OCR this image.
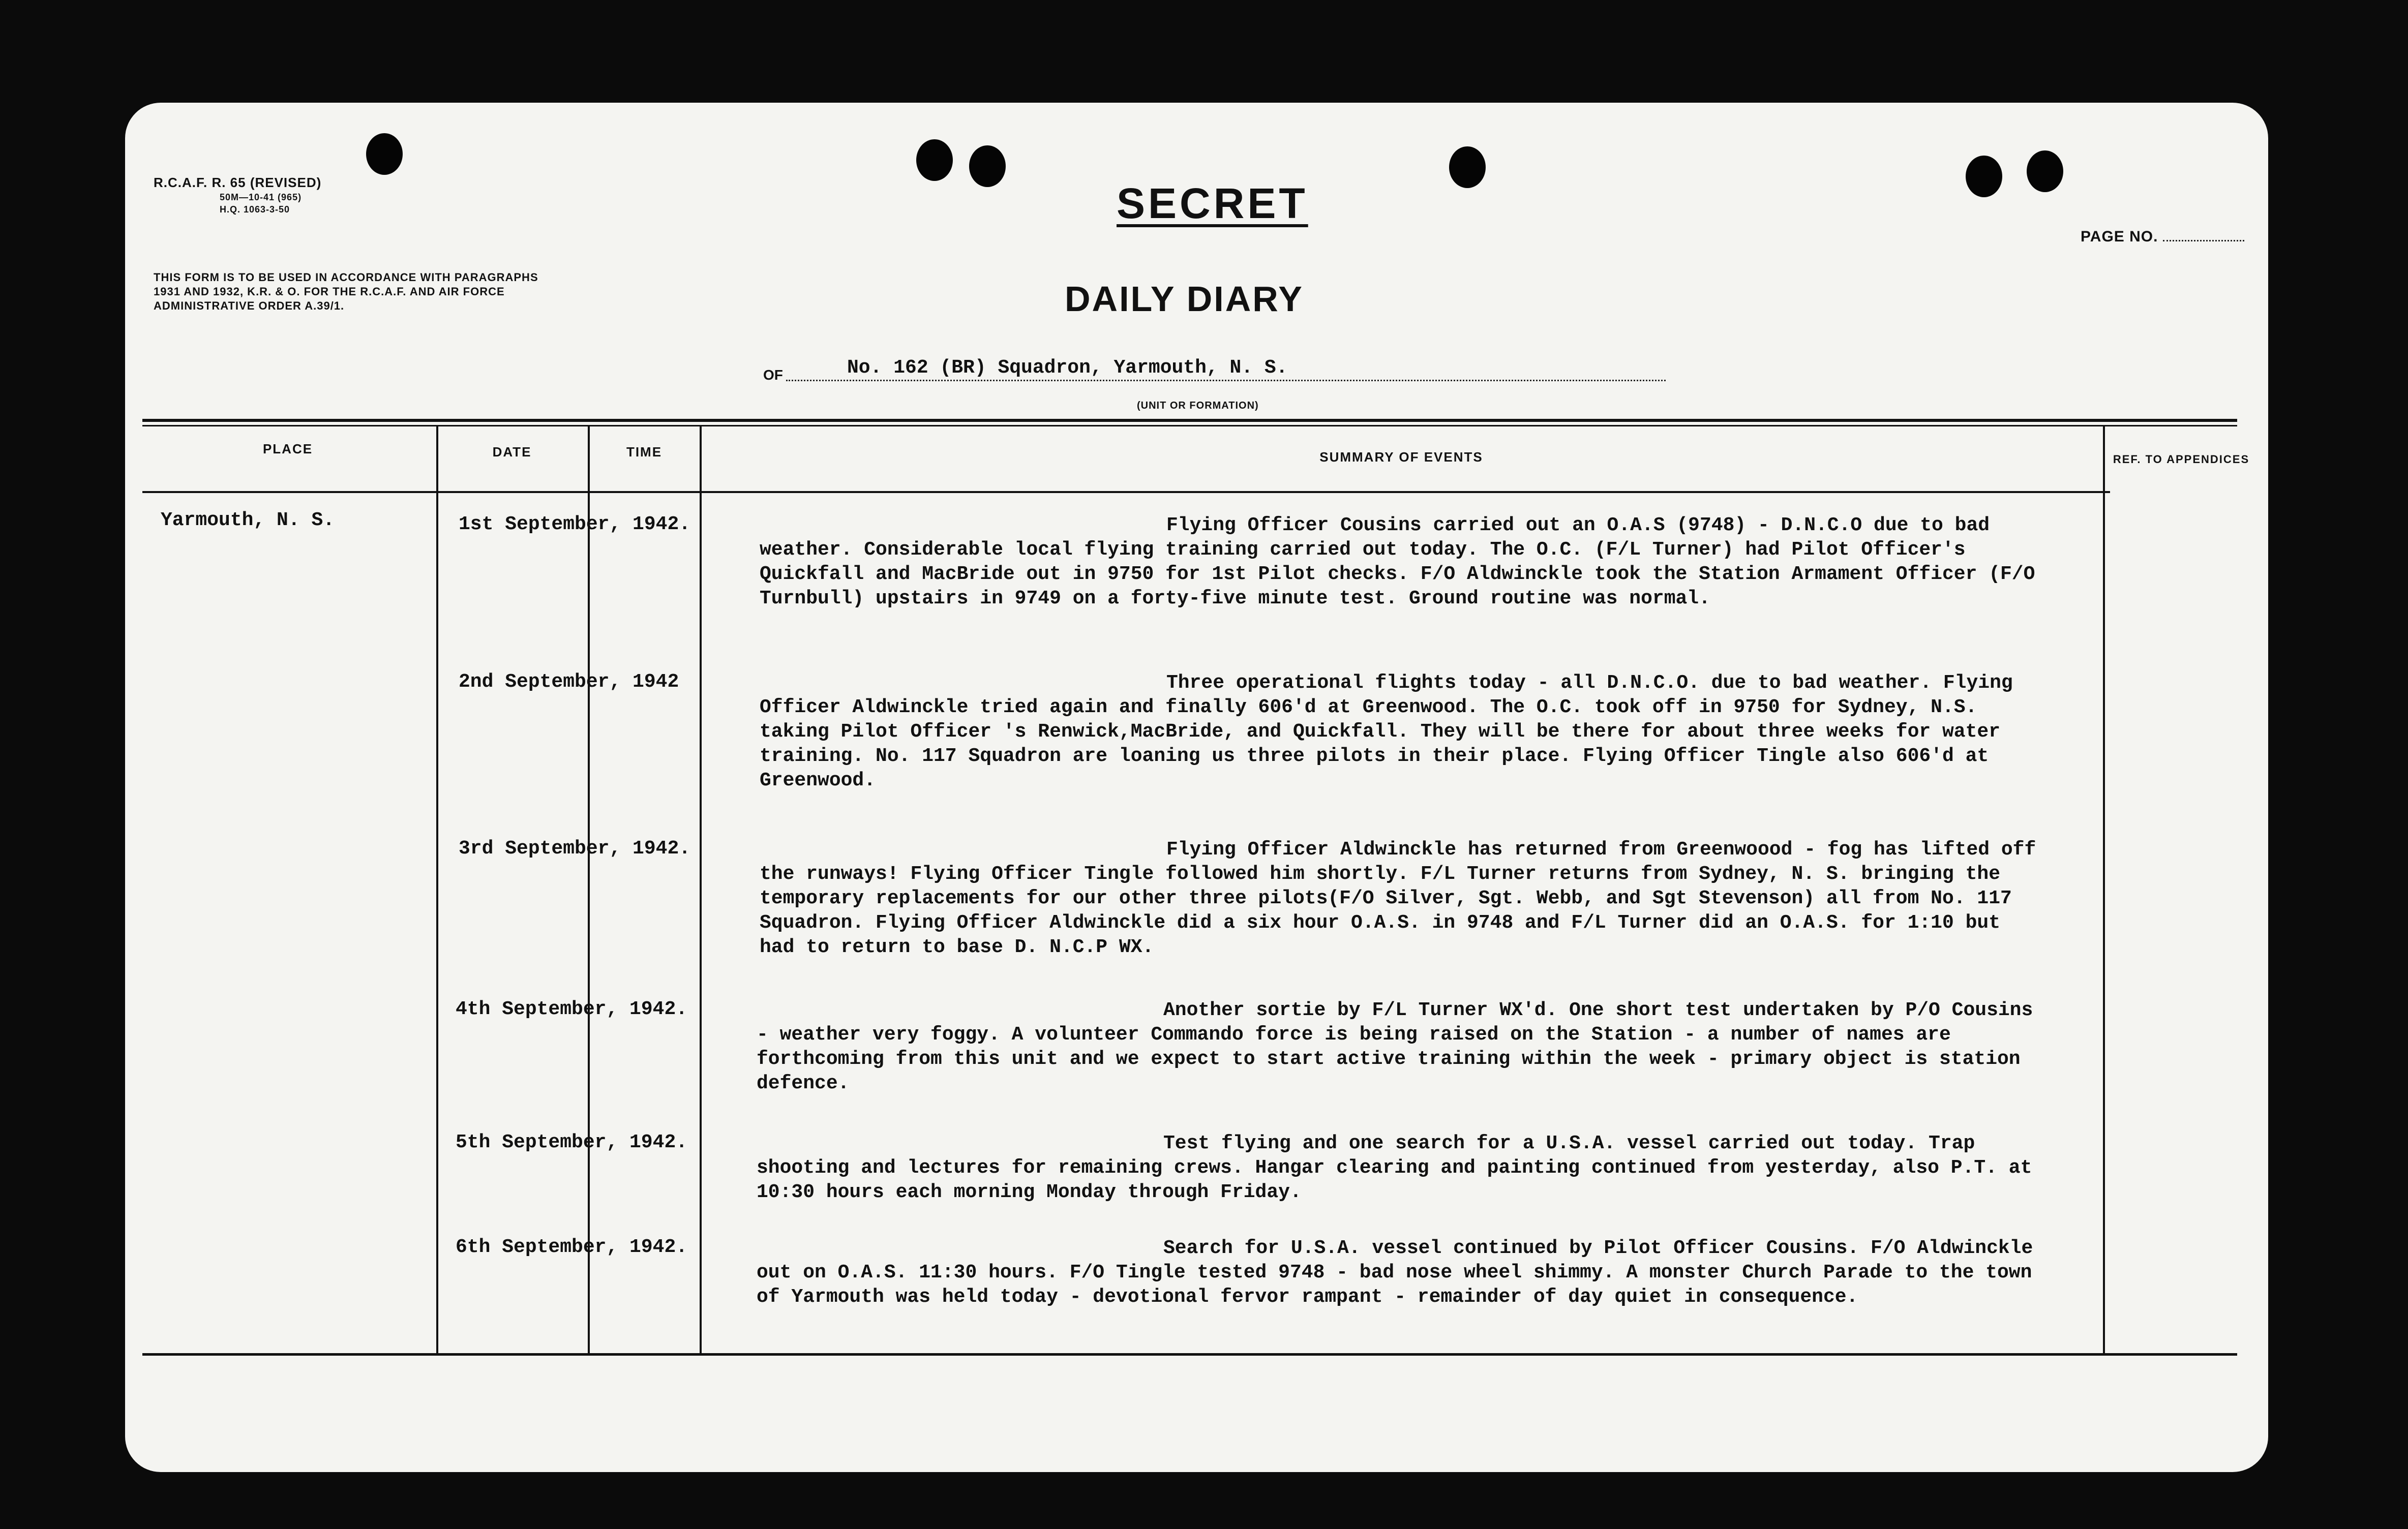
R.C.A.F. R. 65 (REVISED)
50M—10-41 (965)
H.Q. 1063-3-50	SECRET
PAGE NO.
THIS FORM IS TO BE USED IN ACCORDANCE WITH PARAGRAPHS 1931 AND 1932, K.R. & O. FOR THE R.C.A.F. AND AIR FORCE ADMINISTRATIVE ORDER A.39/1.	DAILY DIARY
OF	No. 162 (BR) Squadron, Yarmouth, N. S.
(UNIT OR FORMATION)
PLACE	DATE	TIME	SUMMARY OF EVENTS	REF. TO APPENDICES
Yarmouth, N. S.	1st September, 1942.	Flying Officer Cousins carried out an O.A.S (9748) - D.N.C.O due to bad weather. Considerable local flying training carried out today. The O.C. (F/L Turner) had Pilot Officer's Quickfall and MacBride out in 9750 for 1st Pilot checks. F/O Aldwinckle took the Station Armament Officer (F/O Turnbull) upstairs in 9749 on a forty-five minute test. Ground routine was normal.
2nd September, 1942	Three operational flights today - all D.N.C.O. due to bad weather. Flying Officer Aldwinckle tried again and finally 606'd at Greenwood. The O.C. took off in 9750 for Sydney, N.S. taking Pilot Officer 's Renwick,MacBride, and Quickfall. They will be there for about three weeks for water training. No. 117 Squadron are loaning us three pilots in their place. Flying Officer Tingle also 606'd at Greenwood.
3rd September, 1942.	Flying Officer Aldwinckle has returned from Greenwoood - fog has lifted off the runways! Flying Officer Tingle followed him shortly. F/L Turner returns from Sydney, N. S. bringing the temporary replacements for our other three pilots(F/O Silver, Sgt. Webb, and Sgt Stevenson) all from No. 117 Squadron. Flying Officer Aldwinckle did a six hour O.A.S. in 9748 and F/L Turner did an O.A.S. for 1:10 but had to return to base D. N.C.P WX.
4th September, 1942.	Another sortie by F/L Turner WX'd. One short test undertaken by P/O Cousins - weather very foggy. A volunteer Commando force is being raised on the Station - a number of names are forthcoming from this unit and we expect to start active training within the week - primary object is station defence.
5th September, 1942.	Test flying and one search for a U.S.A. vessel carried out today. Trap shooting and lectures for remaining crews. Hangar clearing and painting continued from yesterday, also P.T. at 10:30 hours each morning Monday through Friday.
6th September, 1942.	Search for U.S.A. vessel continued by Pilot Officer Cousins. F/O Aldwinckle out on O.A.S. 11:30 hours. F/O Tingle tested 9748 - bad nose wheel shimmy. A monster Church Parade to the town of Yarmouth was held today - devotional fervor rampant - remainder of day quiet in consequence.
